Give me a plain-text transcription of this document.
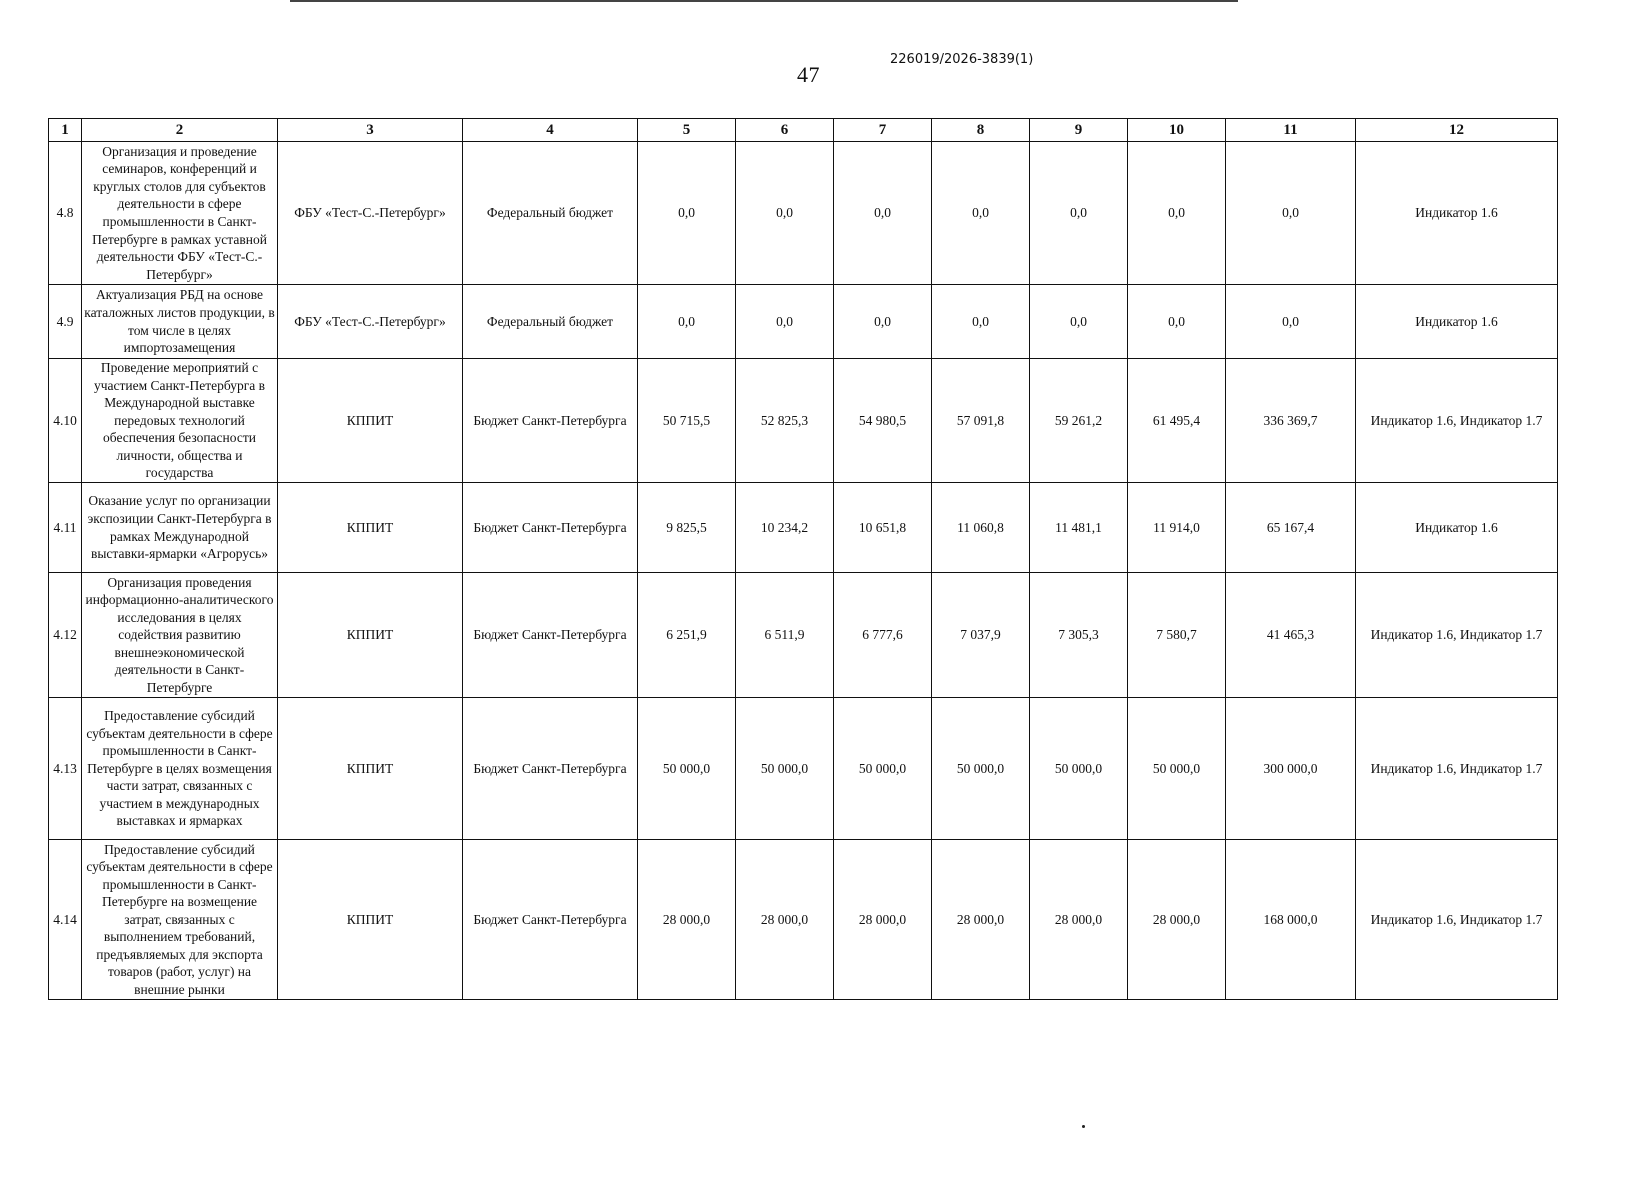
47
226019/2026-3839(1)
1	2	3	4	5	6	7	8	9	10	11	12
4.8	Организация и проведение семинаров, конференций и круглых столов для субъектов деятельности в сфере промышленности в Санкт-Петербурге в рамках уставной деятельности ФБУ «Тест-С.-Петербург»	ФБУ «Тест-С.-Петербург»	Федеральный бюджет	0,0	0,0	0,0	0,0	0,0	0,0	0,0	Индикатор 1.6
4.9	Актуализация РБД на основе каталожных листов продукции, в том числе в целях импортозамещения	ФБУ «Тест-С.-Петербург»	Федеральный бюджет	0,0	0,0	0,0	0,0	0,0	0,0	0,0	Индикатор 1.6
4.10	Проведение мероприятий с участием Санкт-Петербурга в Международной выставке передовых технологий обеспечения безопасности личности, общества и государства	КППИТ	Бюджет Санкт-Петербурга	50 715,5	52 825,3	54 980,5	57 091,8	59 261,2	61 495,4	336 369,7	Индикатор 1.6, Индикатор 1.7
4.11	Оказание услуг по организации экспозиции Санкт-Петербурга в рамках Международной выставки-ярмарки «Агрорусь»	КППИТ	Бюджет Санкт-Петербурга	9 825,5	10 234,2	10 651,8	11 060,8	11 481,1	11 914,0	65 167,4	Индикатор 1.6
4.12	Организация проведения информационно-аналитического исследования в целях содействия развитию внешнеэкономической деятельности в Санкт-Петербурге	КППИТ	Бюджет Санкт-Петербурга	6 251,9	6 511,9	6 777,6	7 037,9	7 305,3	7 580,7	41 465,3	Индикатор 1.6, Индикатор 1.7
4.13	Предоставление субсидий субъектам деятельности в сфере промышленности в Санкт-Петербурге в целях возмещения части затрат, связанных с участием в международных выставках и ярмарках	КППИТ	Бюджет Санкт-Петербурга	50 000,0	50 000,0	50 000,0	50 000,0	50 000,0	50 000,0	300 000,0	Индикатор 1.6, Индикатор 1.7
4.14	Предоставление субсидий субъектам деятельности в сфере промышленности в Санкт-Петербурге на возмещение затрат, связанных с выполнением требований, предъявляемых для экспорта товаров (работ, услуг) на внешние рынки	КППИТ	Бюджет Санкт-Петербурга	28 000,0	28 000,0	28 000,0	28 000,0	28 000,0	28 000,0	168 000,0	Индикатор 1.6, Индикатор 1.7
